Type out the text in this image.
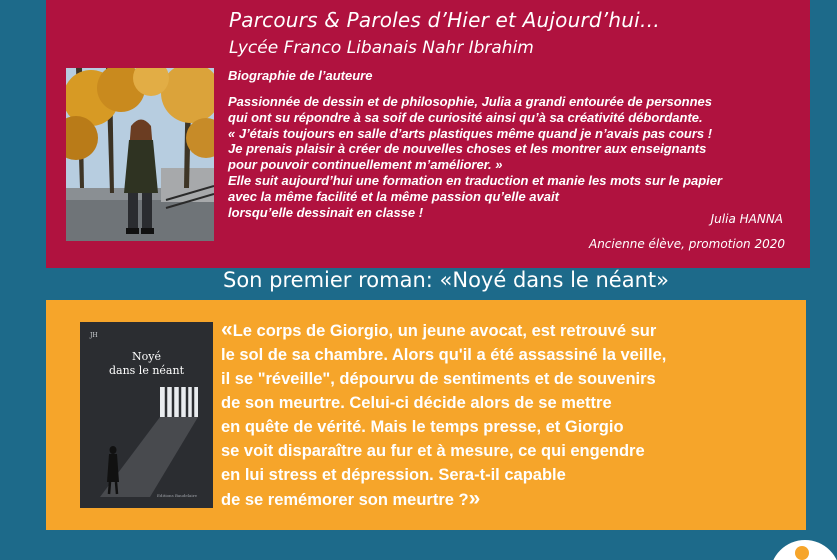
Parcours & Paroles d’Hier et Aujourd’hui…
Lycée Franco Libanais Nahr Ibrahim
Biographie de l’auteure

Passionnée de dessin et de philosophie, Julia a grandi entourée de personnes

qui ont su répondre à sa soif de curiosité ainsi qu’à sa créativité débordante.

« J’étais toujours en salle d’arts plastiques même quand je n’avais pas cours !

Je prenais plaisir à créer de nouvelles choses et les montrer aux enseignants

pour pouvoir continuellement m’améliorer. »

Elle suit aujourd’hui une formation en traduction et manie les mots sur le papier

avec la même facilité et la même passion qu’elle avait

lorsqu’elle dessinait en classe !	Julia HANNA
Ancienne élève, promotion 2020
Son premier roman: «Noyé dans le néant»
JH
Noyé
dans le néant
Editions Baudelaire

«Le corps de Giorgio, un jeune avocat, est retrouvé sur

le sol de sa chambre. Alors qu'il a été assassiné la veille,

il se "réveille", dépourvu de sentiments et de souvenirs

de son meurtre. Celui-ci décide alors de se mettre

en quête de vérité. Mais le temps presse, et Giorgio

se voit disparaître au fur et à mesure, ce qui engendre

en lui stress et dépression. Sera-t-il capable

de se remémorer son meurtre ?»
